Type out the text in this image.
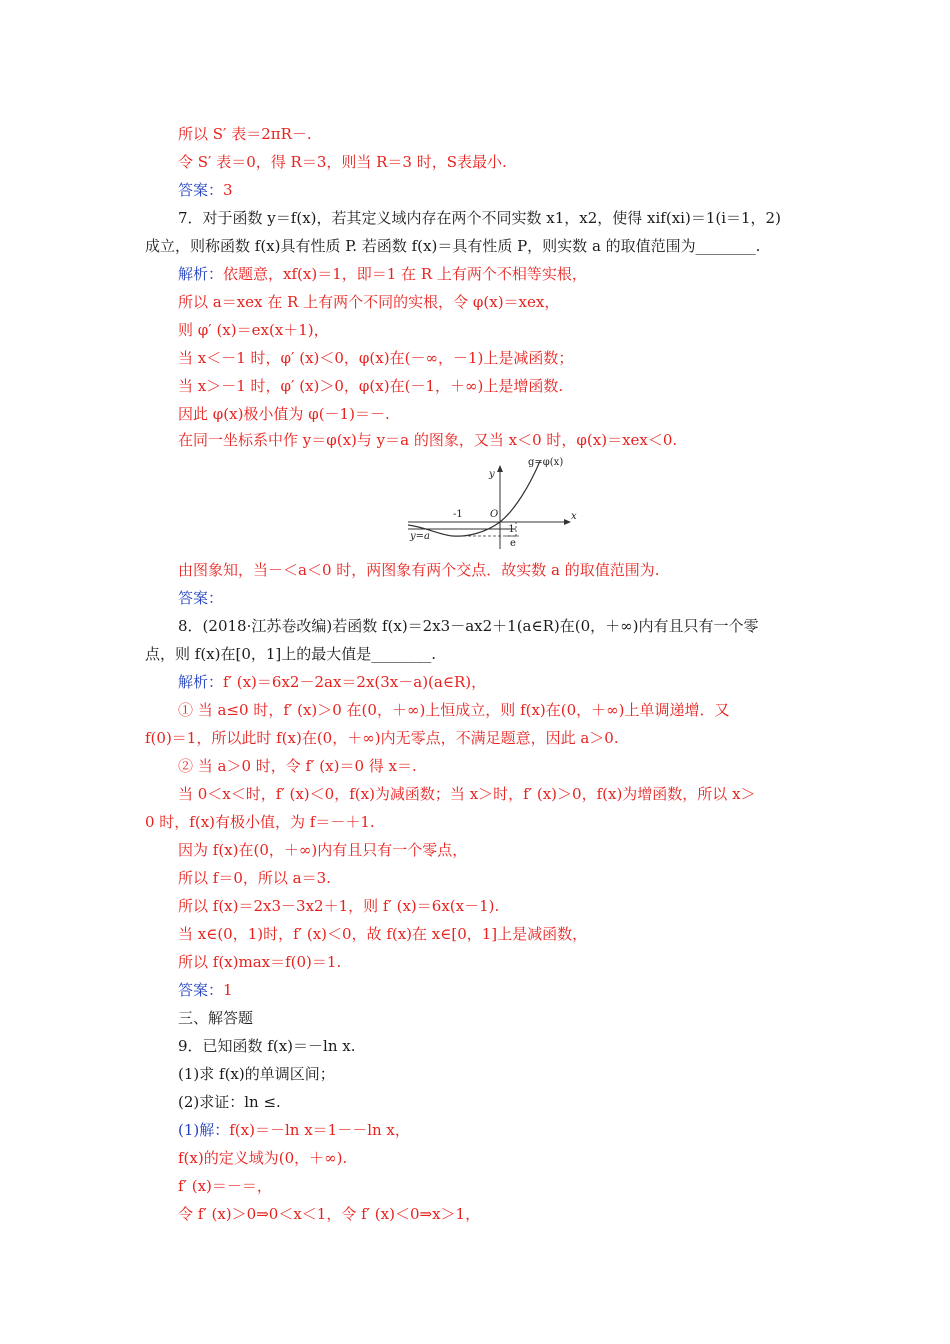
所以 S′ 表＝2πR－.
令 S′ 表＝0，得 R＝3，则当 R＝3 时，S表最小.
答案：3
7．对于函数 y＝f(x)，若其定义域内存在两个不同实数 x1，x2，使得 xif(xi)＝1(i＝1，2)
成立，则称函数 f(x)具有性质 P. 若函数 f(x)＝具有性质 P，则实数 a 的取值范围为________.
解析：依题意，xf(x)＝1，即＝1 在 R 上有两个不相等实根，
所以 a＝xex 在 R 上有两个不同的实根，令 φ(x)＝xex，
则 φ′ (x)＝ex(x＋1)，
当 x＜－1 时，φ′ (x)＜0，φ(x)在(－∞，－1)上是减函数；
当 x＞－1 时，φ′ (x)＞0，φ(x)在(－1，＋∞)上是增函数.
因此 φ(x)极小值为 φ(－1)＝－.
在同一坐标系中作 y＝φ(x)与 y＝a 的图象，又当 x＜0 时，φ(x)＝xex＜0.
y
x
g=φ(x)
-1	O
-1
e
y=a
由图象知，当－＜a＜0 时，两图象有两个交点．故实数 a 的取值范围为.
答案：
8．(2018·江苏卷改编)若函数 f(x)＝2x3－ax2＋1(a∈R)在(0，＋∞)内有且只有一个零
点，则 f(x)在[0，1]上的最大值是________.
解析：f′ (x)＝6x2－2ax＝2x(3x－a)(a∈R)，
① 当 a≤0 时，f′ (x)＞0 在(0，＋∞)上恒成立，则 f(x)在(0，＋∞)上单调递增．又
f(0)＝1，所以此时 f(x)在(0，＋∞)内无零点，不满足题意，因此 a＞0.
② 当 a＞0 时，令 f′ (x)＝0 得 x＝.
当 0＜x＜时，f′ (x)＜0，f(x)为减函数；当 x＞时，f′ (x)＞0，f(x)为增函数，所以 x＞
0 时，f(x)有极小值，为 f＝－＋1.
因为 f(x)在(0，＋∞)内有且只有一个零点，
所以 f＝0，所以 a＝3.
所以 f(x)＝2x3－3x2＋1，则 f′ (x)＝6x(x－1).
当 x∈(0，1)时，f′ (x)＜0，故 f(x)在 x∈[0，1]上是减函数，
所以 f(x)max＝f(0)＝1.
答案：1
三、解答题
9．已知函数 f(x)＝－ln x.
(1)求 f(x)的单调区间；
(2)求证：ln ≤.
(1)解：f(x)＝－ln x＝1－－ln x，
f(x)的定义域为(0，＋∞).
f′ (x)＝－＝，
令 f′ (x)＞0⇒0＜x＜1，令 f′ (x)＜0⇒x＞1，
